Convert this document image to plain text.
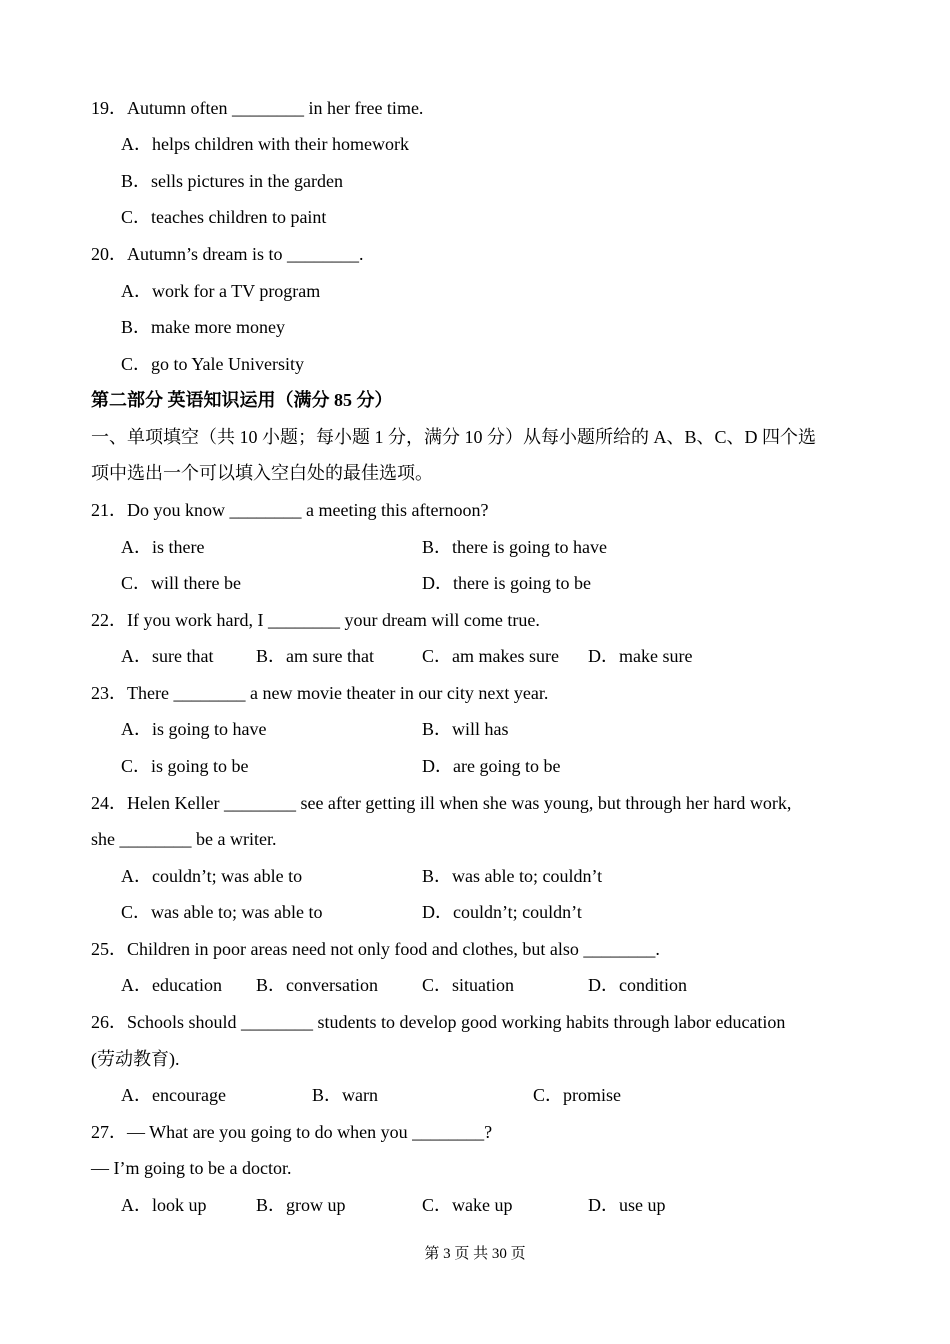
19．Autumn often ________ in her free time.
A．helps children with their homework
B．sells pictures in the garden
C．teaches children to paint
20．Autumn’s dream is to ________.
A．work for a TV program
B．make more money
C．go to Yale University
第二部分 英语知识运用（满分 85 分）
一、单项填空（共 10 小题；每小题 1 分，满分 10 分）从每小题所给的 A、B、C、D 四个选
项中选出一个可以填入空白处的最佳选项。
21．Do you know ________ a meeting this afternoon?
A．is there	B．there is going to have
C．will there be	D．there is going to be
22．If you work hard, I ________ your dream will come true.
A．sure that B．am sure that	C．am makes sure D．make sure
23．There ________ a new movie theater in our city next year.
A．is going to have	B．will has
C．is going to be	D．are going to be
24．Helen Keller ________ see after getting ill when she was young, but through her hard work,
she ________ be a writer.
A．couldn’t; was able to	B．was able to; couldn’t
C．was able to; was able to	D．couldn’t; couldn’t
25．Children in poor areas need not only food and clothes, but also ________.
A．education B．conversation C．situation	D．condition
26．Schools should ________ students to develop good working habits through labor education
(劳动教育).
A．encourage	B．warn	C．promise
27．— What are you going to do when you ________?
— I’m going to be a doctor.
A．look up	B．grow up	C．wake up	D．use up
第 3 页 共 30 页
